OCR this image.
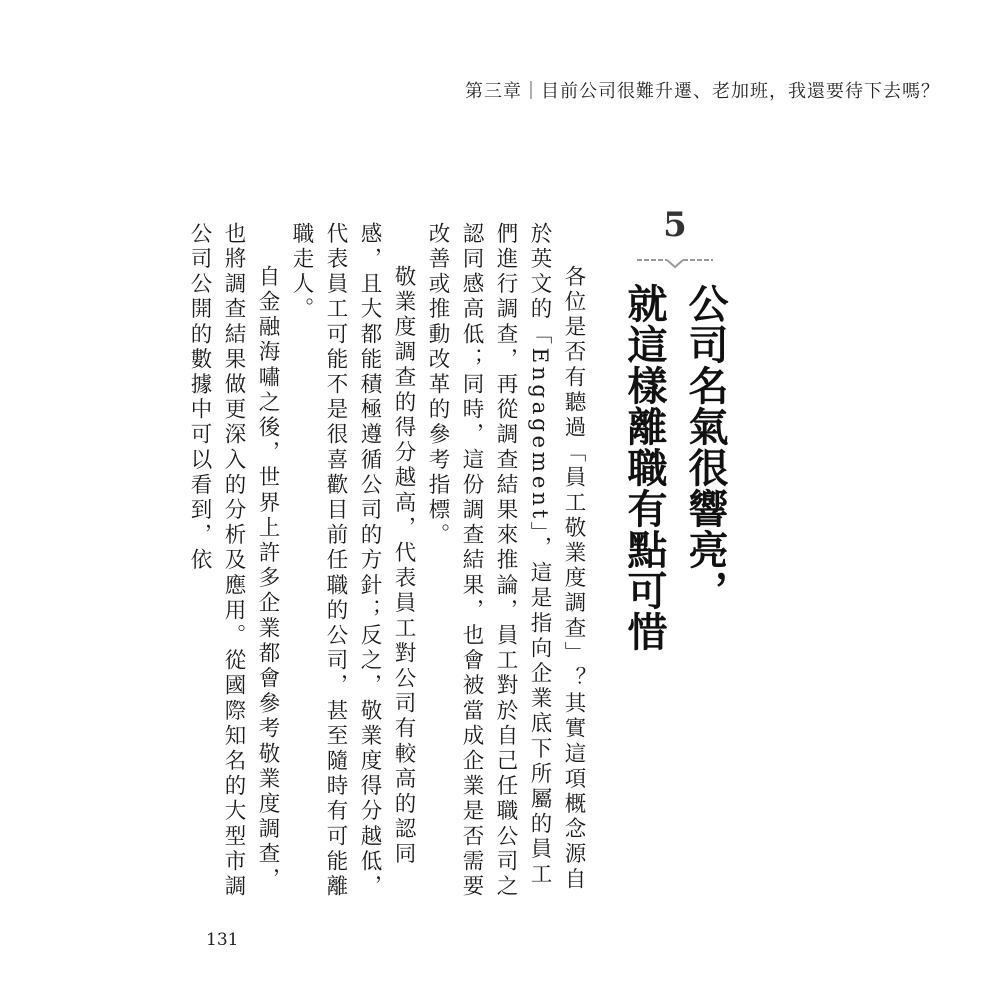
第三章｜目前公司很難升遷、老加班，我還要待下去嗎？
5
公司名氣很響亮，
就這樣離職有點可惜

各位是否有聽過「員工敬業度調查」？其實這項概念源自於英文的「Engagement」，這是指向企業底下所屬的員工們進行調查，再從調查結果來推論，員工對於自己任職公司之認同感高低；同時，這份調查結果，也會被當成企業是否需要改善或推動改革的參考指標。

敬業度調查的得分越高，代表員工對公司有較高的認同感，且大都能積極遵循公司的方針；反之，敬業度得分越低，代表員工可能不是很喜歡目前任職的公司，甚至隨時有可能離職走人。

自金融海嘯之後，世界上許多企業都會參考敬業度調查，也將調查結果做更深入的分析及應用。從國際知名的大型市調公司公開的數據中可以看到，依

131
